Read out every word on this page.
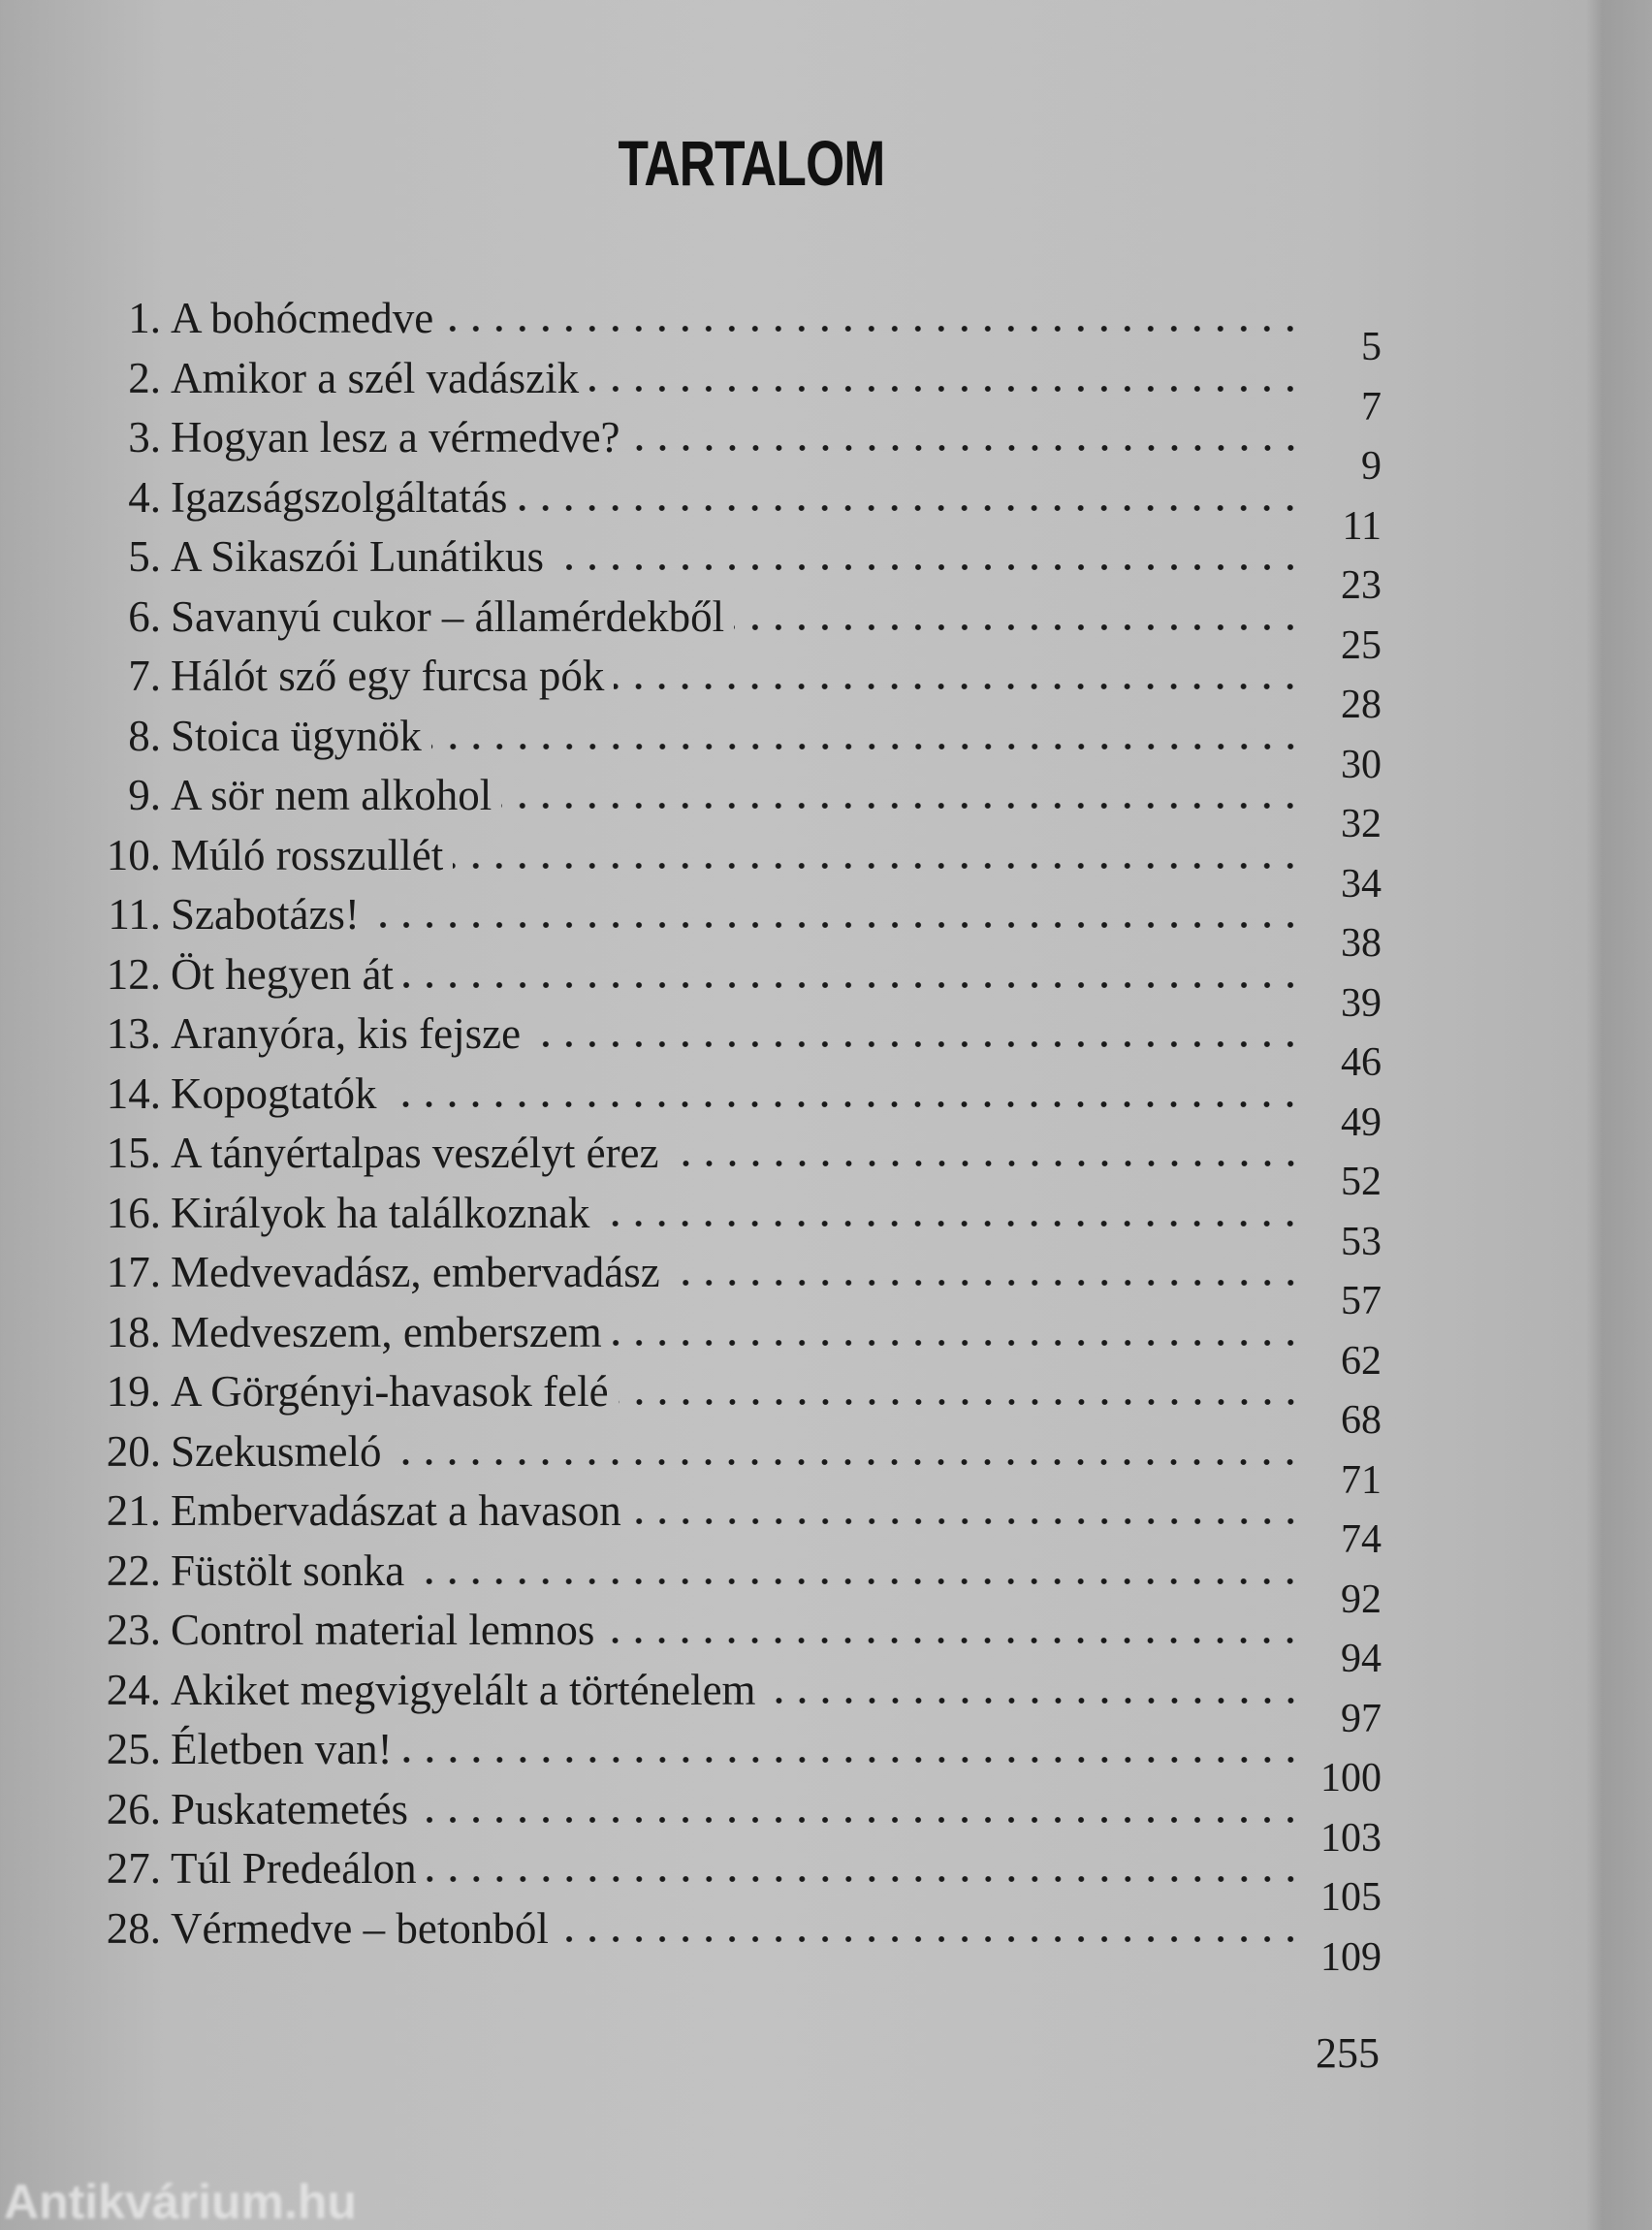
TARTALOM
1. A bohócmedve
5
2. Amikor a szél vadászik
7
3. Hogyan lesz a vérmedve?
9
4. Igazságszolgáltatás
11
5. A Sikaszói Lunátikus
23
6. Savanyú cukor – államérdekből
25
7. Hálót sző egy furcsa pók
28
8. Stoica ügynök
30
9. A sör nem alkohol
32
10. Múló rosszullét
34
11. Szabotázs!
38
12. Öt hegyen át
39
13. Aranyóra, kis fejsze
46
14. Kopogtatók
49
15. A tányértalpas veszélyt érez
52
16. Királyok ha találkoznak
53
17. Medvevadász, embervadász
57
18. Medveszem, emberszem
62
19. A Görgényi-havasok felé
68
20. Szekusmeló
71
21. Embervadászat a havason
74
22. Füstölt sonka
92
23. Control material lemnos
94
24. Akiket megvigyelált a történelem
97
25. Életben van!
100
26. Puskatemetés
103
27. Túl Predeálon
105
28. Vérmedve – betonból
109
255
Antikvárium.hu
